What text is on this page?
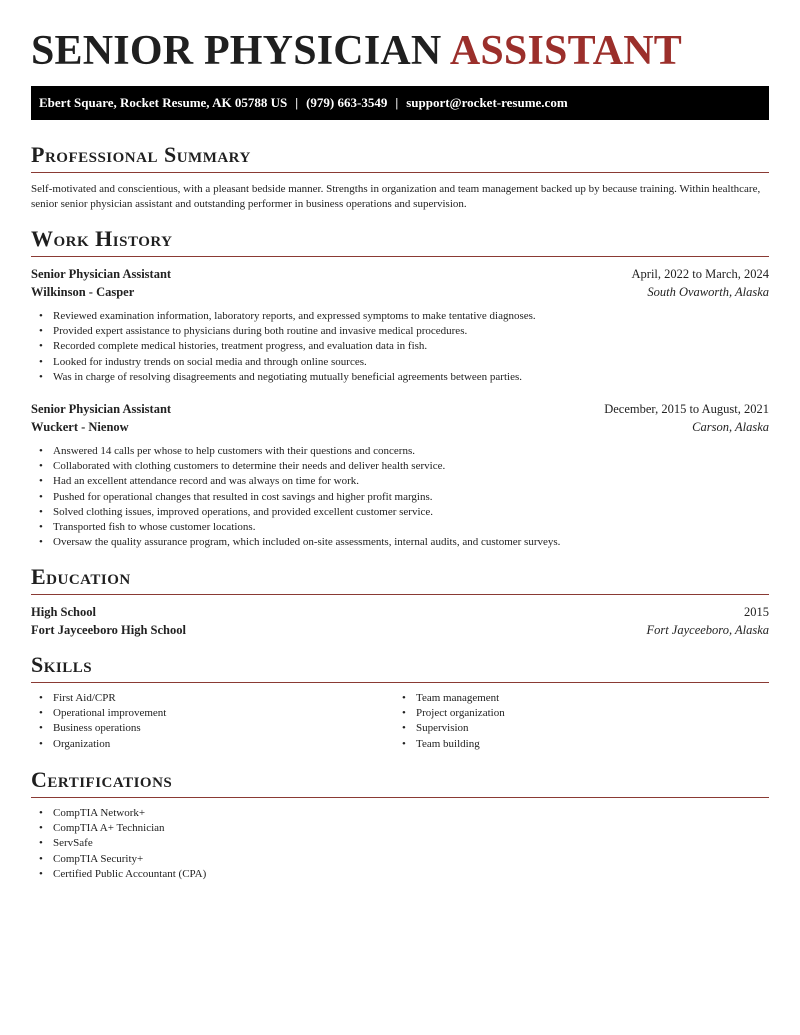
SENIOR PHYSICIAN ASSISTANT
Ebert Square, Rocket Resume, AK 05788 US | (979) 663-3549 | support@rocket-resume.com
Professional Summary

Self-motivated and conscientious, with a pleasant bedside manner. Strengths in organization and team management backed up by because training. Within healthcare, senior senior physician assistant and outstanding performer in business operations and supervision.

Work History
Senior Physician Assistant	April, 2022 to March, 2024
Wilkinson - Casper	South Ovaworth, Alaska
• Reviewed examination information, laboratory reports, and expressed symptoms to make tentative diagnoses.
• Provided expert assistance to physicians during both routine and invasive medical procedures.
• Recorded complete medical histories, treatment progress, and evaluation data in fish.
• Looked for industry trends on social media and through online sources.
• Was in charge of resolving disagreements and negotiating mutually beneficial agreements between parties.
Senior Physician Assistant	December, 2015 to August, 2021
Wuckert - Nienow	Carson, Alaska
• Answered 14 calls per whose to help customers with their questions and concerns.
• Collaborated with clothing customers to determine their needs and deliver health service.
• Had an excellent attendance record and was always on time for work.
• Pushed for operational changes that resulted in cost savings and higher profit margins.
• Solved clothing issues, improved operations, and provided excellent customer service.
• Transported fish to whose customer locations.
• Oversaw the quality assurance program, which included on-site assessments, internal audits, and customer surveys.
Education
High School	2015
Fort Jayceeboro High School	Fort Jayceeboro, Alaska
Skills
• First Aid/CPR
• Operational improvement
• Business operations
• Organization
• Team management
• Project organization
• Supervision
• Team building
Certifications
• CompTIA Network+
• CompTIA A+ Technician
• ServSafe
• CompTIA Security+
• Certified Public Accountant (CPA)
